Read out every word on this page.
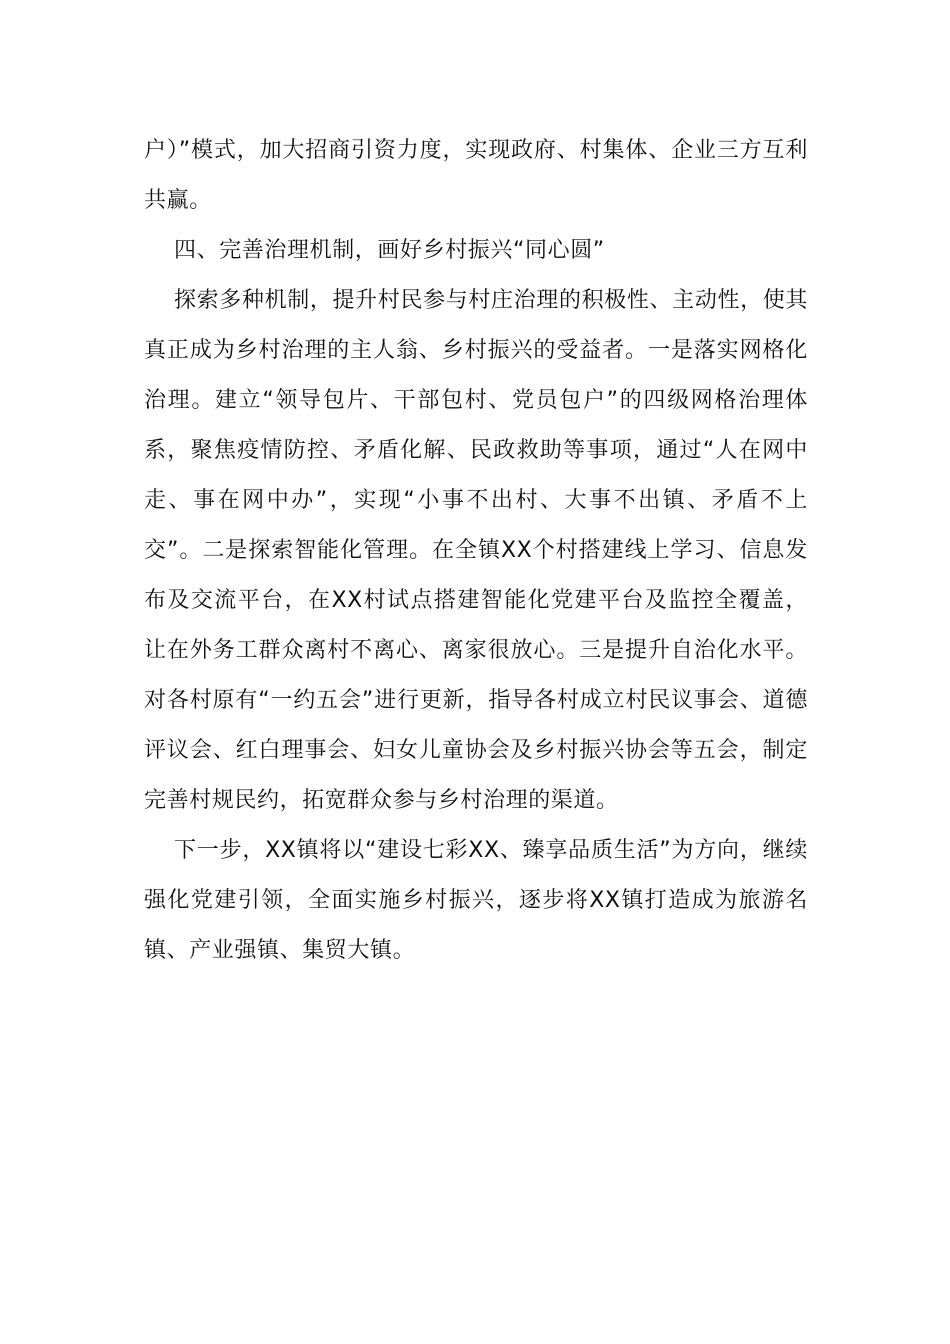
户）”模式，加大招商引资力度，实现政府、村集体、企业三方互利共赢。

四、完善治理机制，画好乡村振兴“同心圆”

探索多种机制，提升村民参与村庄治理的积极性、主动性，使其真正成为乡村治理的主人翁、乡村振兴的受益者。一是落实网格化治理。建立“领导包片、干部包村、党员包户”的四级网格治理体系，聚焦疫情防控、矛盾化解、民政救助等事项，通过“人在网中走、事在网中办”，实现“小事不出村、大事不出镇、矛盾不上交”。二是探索智能化管理。在全镇XX个村搭建线上学习、信息发布及交流平台，在XX村试点搭建智能化党建平台及监控全覆盖，让在外务工群众离村不离心、离家很放心。三是提升自治化水平。对各村原有“一约五会”进行更新，指导各村成立村民议事会、道德评议会、红白理事会、妇女儿童协会及乡村振兴协会等五会，制定完善村规民约，拓宽群众参与乡村治理的渠道。

下一步，XX镇将以“建设七彩XX、臻享品质生活”为方向，继续强化党建引领，全面实施乡村振兴，逐步将XX镇打造成为旅游名镇、产业强镇、集贸大镇。
